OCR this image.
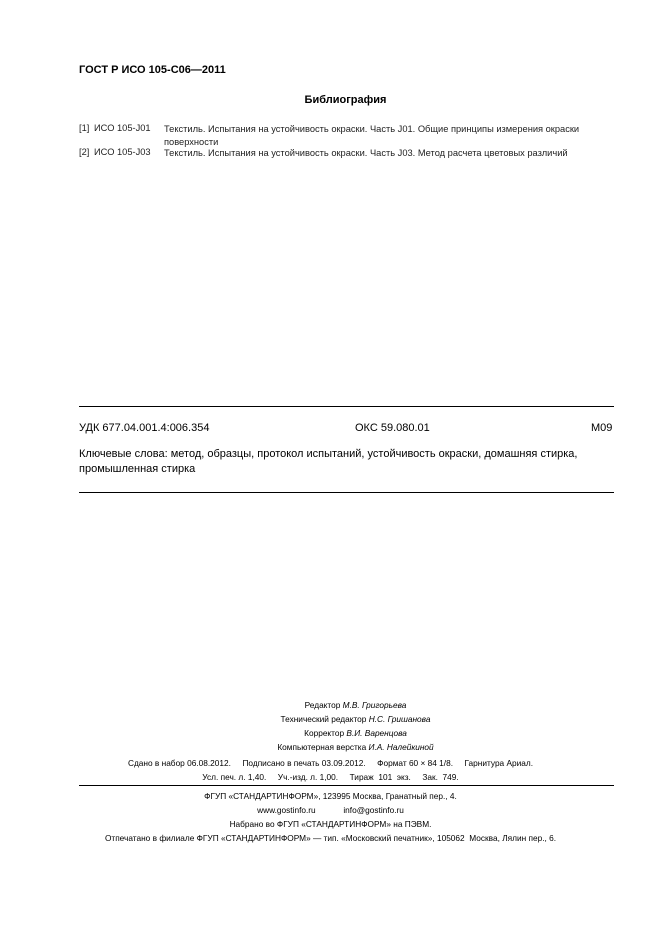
ГОСТ Р ИСО 105-С06—2011
Библиография
[1] ИСО 105-J01 Текстиль. Испытания на устойчивость окраски. Часть J01. Общие принципы измерения окраски поверхности
[2] ИСО 105-J03 Текстиль. Испытания на устойчивость окраски. Часть J03. Метод расчета цветовых различий
УДК 677.04.001.4:006.354	ОКС 59.080.01	М09
Ключевые слова: метод, образцы, протокол испытаний, устойчивость окраски, домашняя стирка, промышленная стирка
Редактор М.В. Григорьева
Технический редактор Н.С. Гришанова
Корректор В.И. Варенцова
Компьютерная верстка И.А. Налейкиной
Сдано в набор 06.08.2012.     Подписано в печать 03.09.2012.     Формат 60 × 84 1/8.     Гарнитура Ариал.
Усл. печ. л. 1,40.     Уч.-изд. л. 1,00.     Тираж  101  экз.     Зак.  749.
ФГУП «СТАНДАРТИНФОРМ», 123995 Москва, Гранатный пер., 4.
www.gostinfo.ru            info@gostinfo.ru
Набрано во ФГУП «СТАНДАРТИНФОРМ» на ПЭВМ.
Отпечатано в филиале ФГУП «СТАНДАРТИНФОРМ» — тип. «Московский печатник», 105062  Москва, Лялин пер., 6.
